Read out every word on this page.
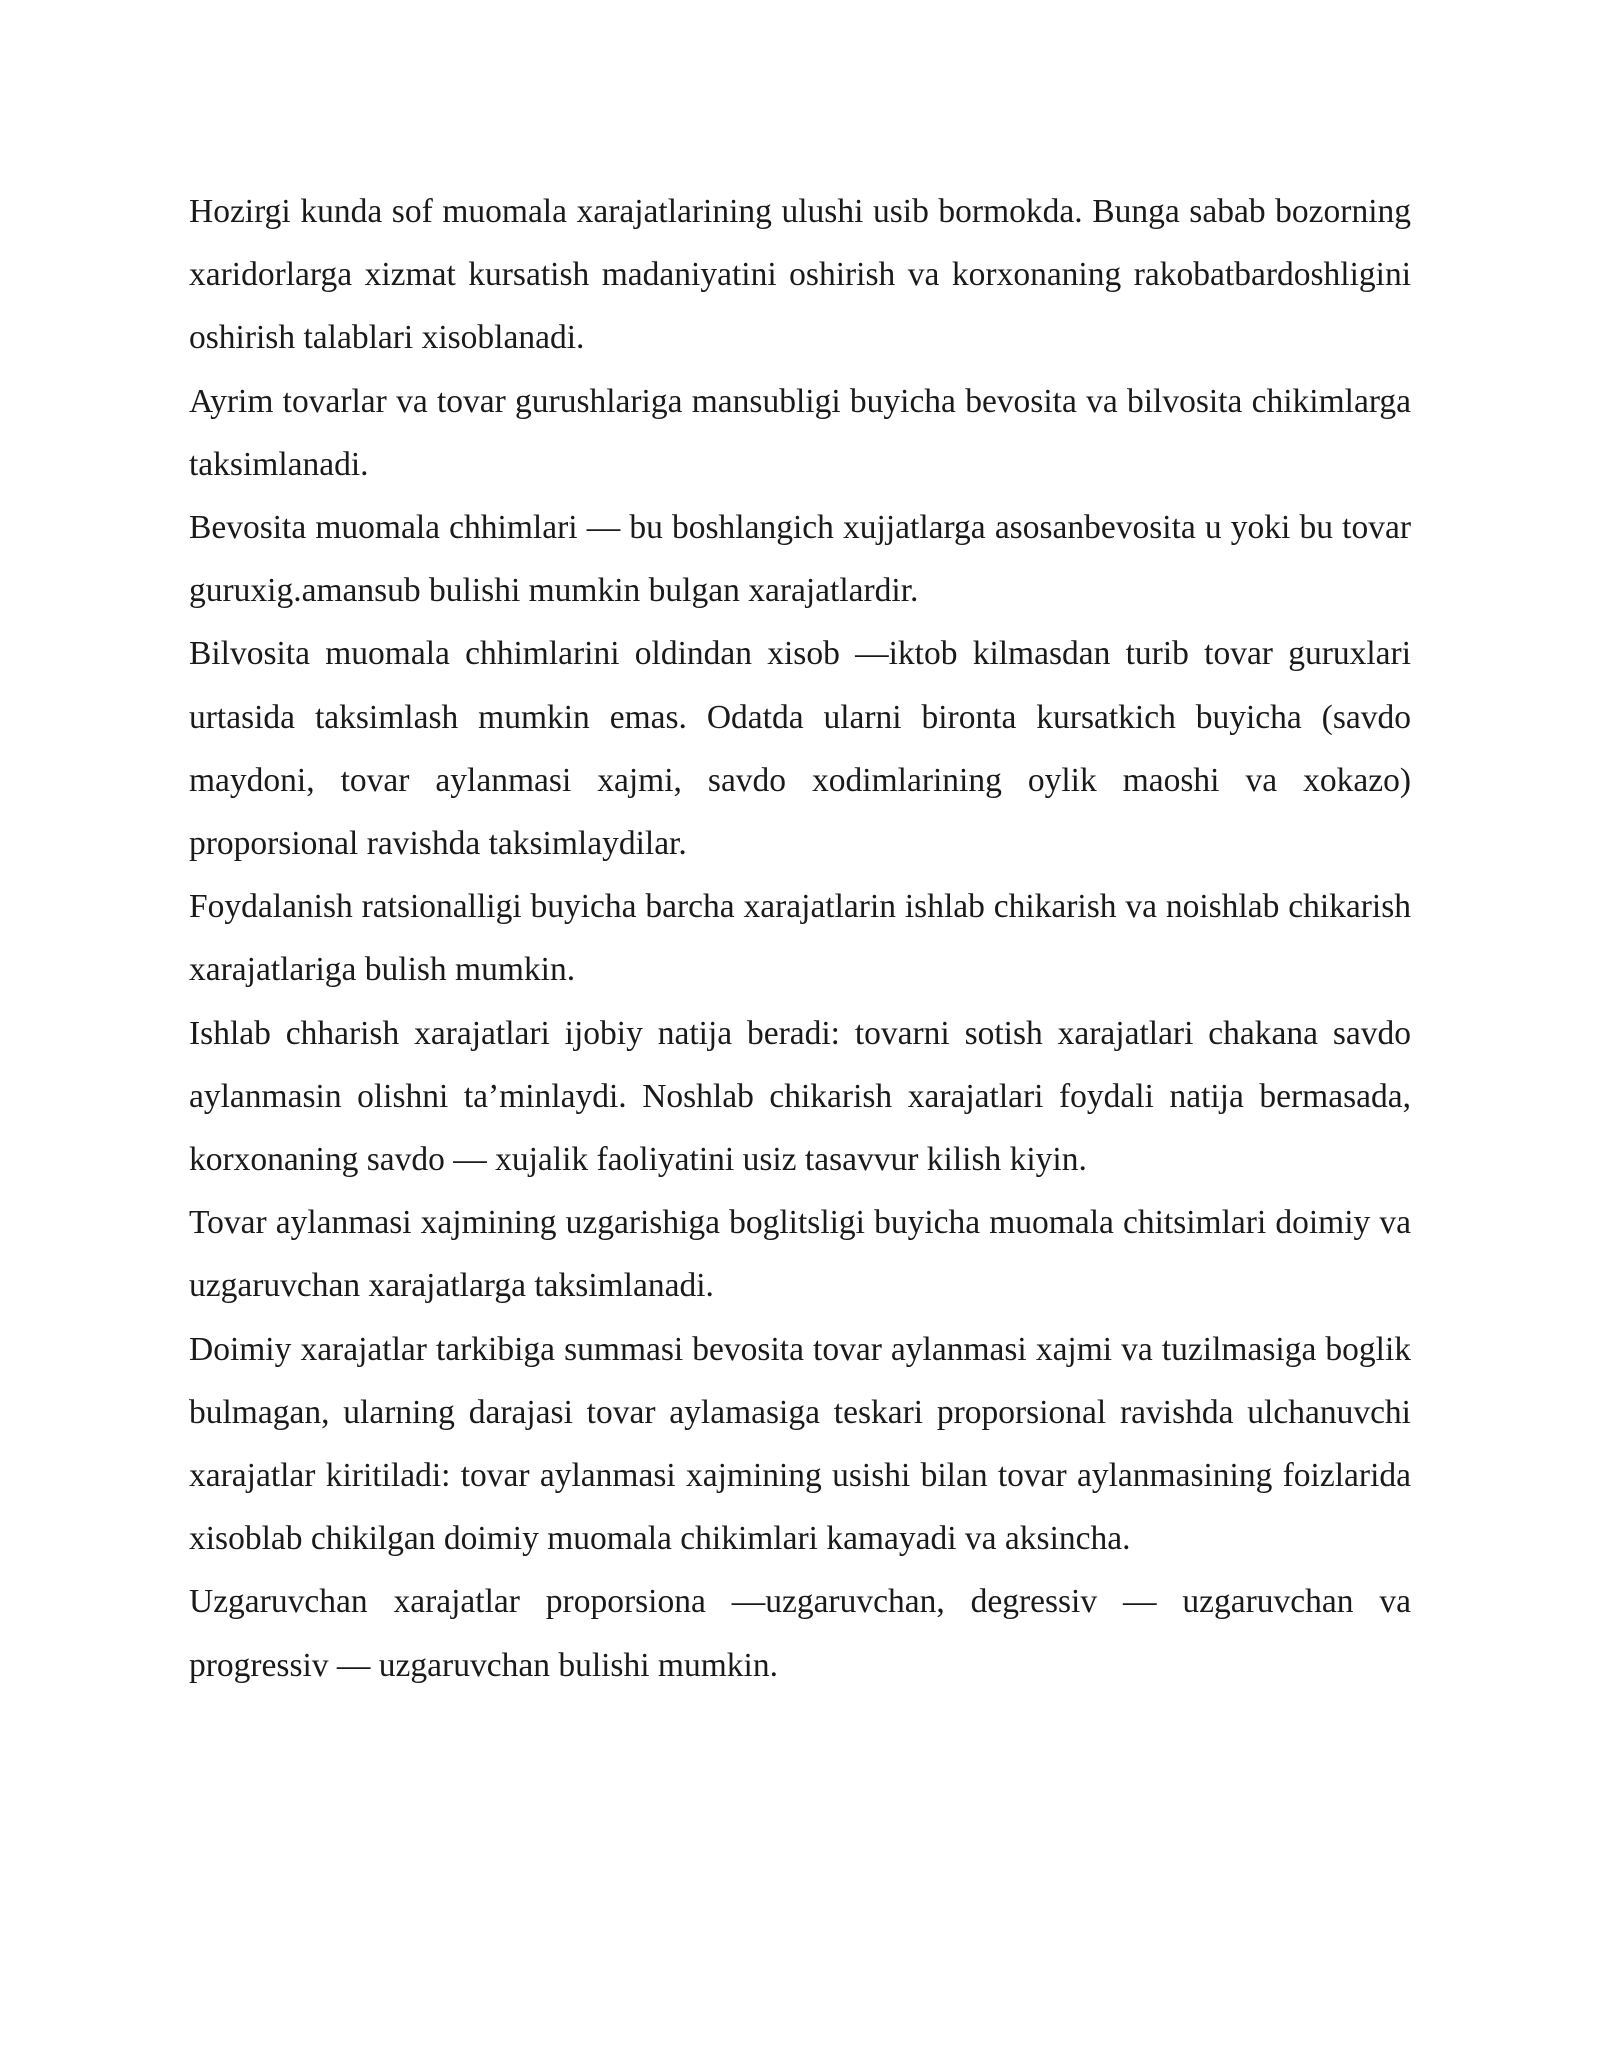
Hozirgi kunda sof muomala xarajatlarining ulushi usib bormokda. Bunga sabab bozorning xaridorlarga xizmat kursatish madaniyatini oshirish va korxonaning rakobatbardoshligini oshirish talablari xisoblanadi.

Ayrim tovarlar va tovar gurushlariga mansubligi buyicha bevosita va bilvosita chikimlarga taksimlanadi.

Bevosita muomala chhimlari — bu boshlangich xujjatlarga asosanbevosita u yoki bu tovar guruxig.amansub bulishi mumkin bulgan xarajatlardir.

Bilvosita muomala chhimlarini oldindan xisob —iktob kilmasdan turib tovar guruxlari urtasida taksimlash mumkin emas. Odatda ularni bironta kursatkich buyicha (savdo maydoni, tovar aylanmasi xajmi, savdo xodimlarining oylik maoshi va xokazo) proporsional ravishda taksimlaydilar.

Foydalanish ratsionalligi buyicha barcha xarajatlarin ishlab chikarish va noishlab chikarish xarajatlariga bulish mumkin.

Ishlab chharish xarajatlari ijobiy natija beradi: tovarni sotish xarajatlari chakana savdo aylanmasin olishni ta’minlaydi. Noshlab chikarish xarajatlari foydali natija bermasada, korxonaning savdo — xujalik faoliyatini usiz tasavvur kilish kiyin.

Tovar aylanmasi xajmining uzgarishiga boglitsligi buyicha muomala chitsimlari doimiy va uzgaruvchan xarajatlarga taksimlanadi.

Doimiy xarajatlar tarkibiga summasi bevosita tovar aylanmasi xajmi va tuzilmasiga boglik bulmagan, ularning darajasi tovar aylamasiga teskari proporsional ravishda ulchanuvchi xarajatlar kiritiladi: tovar aylanmasi xajmining usishi bilan tovar aylanmasining foizlarida xisoblab chikilgan doimiy muomala chikimlari kamayadi va aksincha.

Uzgaruvchan xarajatlar proporsiona —uzgaruvchan, degressiv — uzgaruvchan va progressiv — uzgaruvchan bulishi mumkin.
